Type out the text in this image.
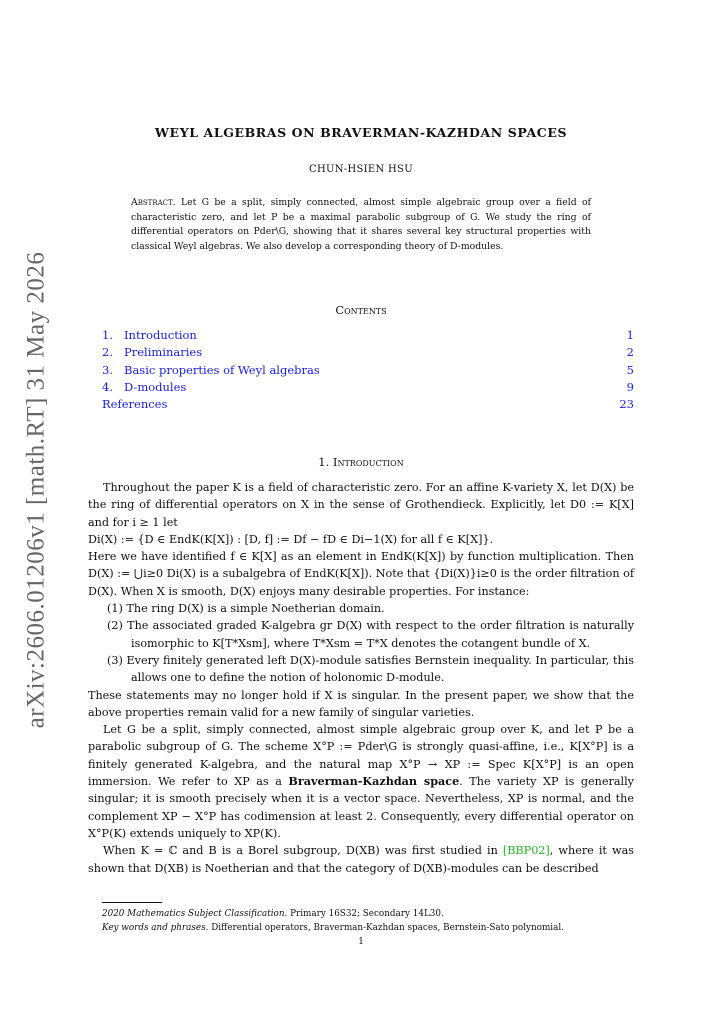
arXiv:2606.01206v1 [math.RT] 31 May 2026
WEYL ALGEBRAS ON BRAVERMAN-KAZHDAN SPACES
CHUN-HSIEN HSU
Abstract. Let G be a split, simply connected, almost simple algebraic group over a field of characteristic zero, and let P be a maximal parabolic subgroup of G. We study the ring of differential operators on Pder\G, showing that it shares several key structural properties with classical Weyl algebras. We also develop a corresponding theory of D-modules.
Contents
1. Introduction	1
2. Preliminaries	2
3. Basic properties of Weyl algebras	5
4. D-modules	9
References	23
1. Introduction

Throughout the paper K is a field of characteristic zero. For an affine K-variety X, let D(X) be the ring of differential operators on X in the sense of Grothendieck. Explicitly, let D0 := K[X] and for i ≥ 1 let

Di(X) := {D ∈ EndK(K[X]) : [D, f] := Df − fD ∈ Di−1(X) for all f ∈ K[X]}.

Here we have identified f ∈ K[X] as an element in EndK(K[X]) by function multiplication. Then D(X) := ⋃i≥0 Di(X) is a subalgebra of EndK(K[X]). Note that {Di(X)}i≥0 is the order filtration of D(X). When X is smooth, D(X) enjoys many desirable properties. For instance:

(1) The ring D(X) is a simple Noetherian domain.

(2) The associated graded K-algebra gr D(X) with respect to the order filtration is naturally isomorphic to K[T*Xsm], where T*Xsm = T*X denotes the cotangent bundle of X.

(3) Every finitely generated left D(X)-module satisfies Bernstein inequality. In particular, this allows one to define the notion of holonomic D-module.

These statements may no longer hold if X is singular. In the present paper, we show that the above properties remain valid for a new family of singular varieties.

Let G be a split, simply connected, almost simple algebraic group over K, and let P be a parabolic subgroup of G. The scheme X°P := Pder\G is strongly quasi-affine, i.e., K[X°P] is a finitely generated K-algebra, and the natural map X°P → XP := Spec K[X°P] is an open immersion. We refer to XP as a Braverman-Kazhdan space. The variety XP is generally singular; it is smooth precisely when it is a vector space. Nevertheless, XP is normal, and the complement XP − X°P has codimension at least 2. Consequently, every differential operator on X°P(K) extends uniquely to XP(K).

When K = ℂ and B is a Borel subgroup, D(XB) was first studied in [BBP02], where it was shown that D(XB) is Noetherian and that the category of D(XB)-modules can be described

2020 Mathematics Subject Classification. Primary 16S32; Secondary 14L30.
Key words and phrases. Differential operators, Braverman-Kazhdan spaces, Bernstein-Sato polynomial.
1
